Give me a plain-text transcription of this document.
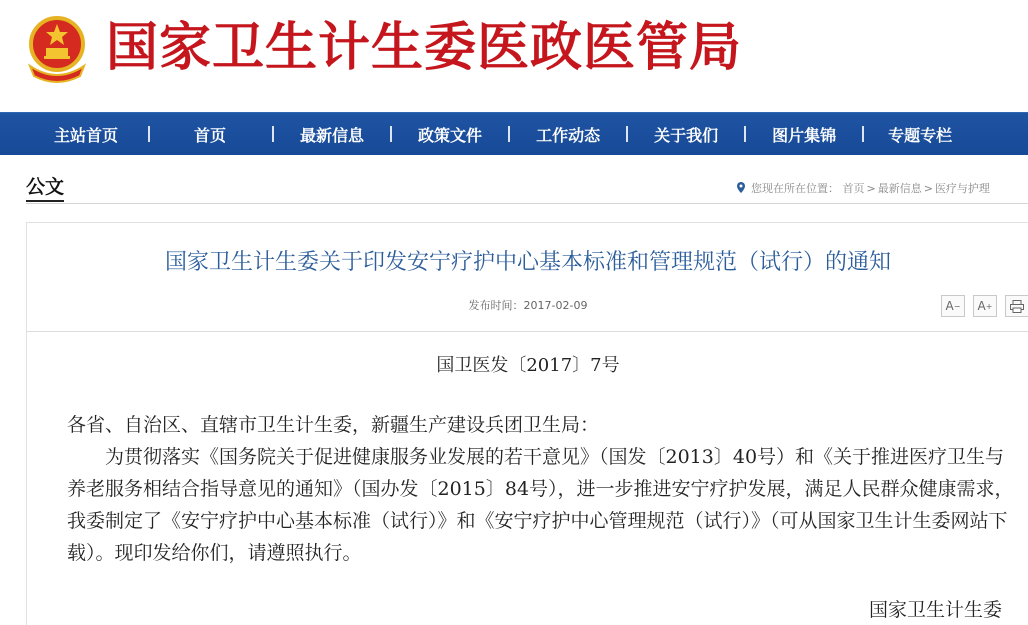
国家卫生计生委医政医管局
主站首页	首页	最新信息	政策文件	工作动态	关于我们	图片集锦	专题专栏
公文	您现在所在位置： 首页 > 最新信息 > 医疗与护理
国家卫生计生委关于印发安宁疗护中心基本标准和管理规范（试行）的通知
发布时间：2017-02-09	A − A +
国卫医发〔2017〕7号

各省、自治区、直辖市卫生计生委，新疆生产建设兵团卫生局：

为贯彻落实《国务院关于促进健康服务业发展的若干意见》（国发〔2013〕40号）和《关于推进医疗卫生与养老服务相结合指导意见的通知》（国办发〔2015〕84号），进一步推进安宁疗护发展，满足人民群众健康需求，我委制定了《安宁疗护中心基本标准（试行）》和《安宁疗护中心管理规范（试行）》（可从国家卫生计生委网站下载）。现印发给你们，请遵照执行。

国家卫生计生委
